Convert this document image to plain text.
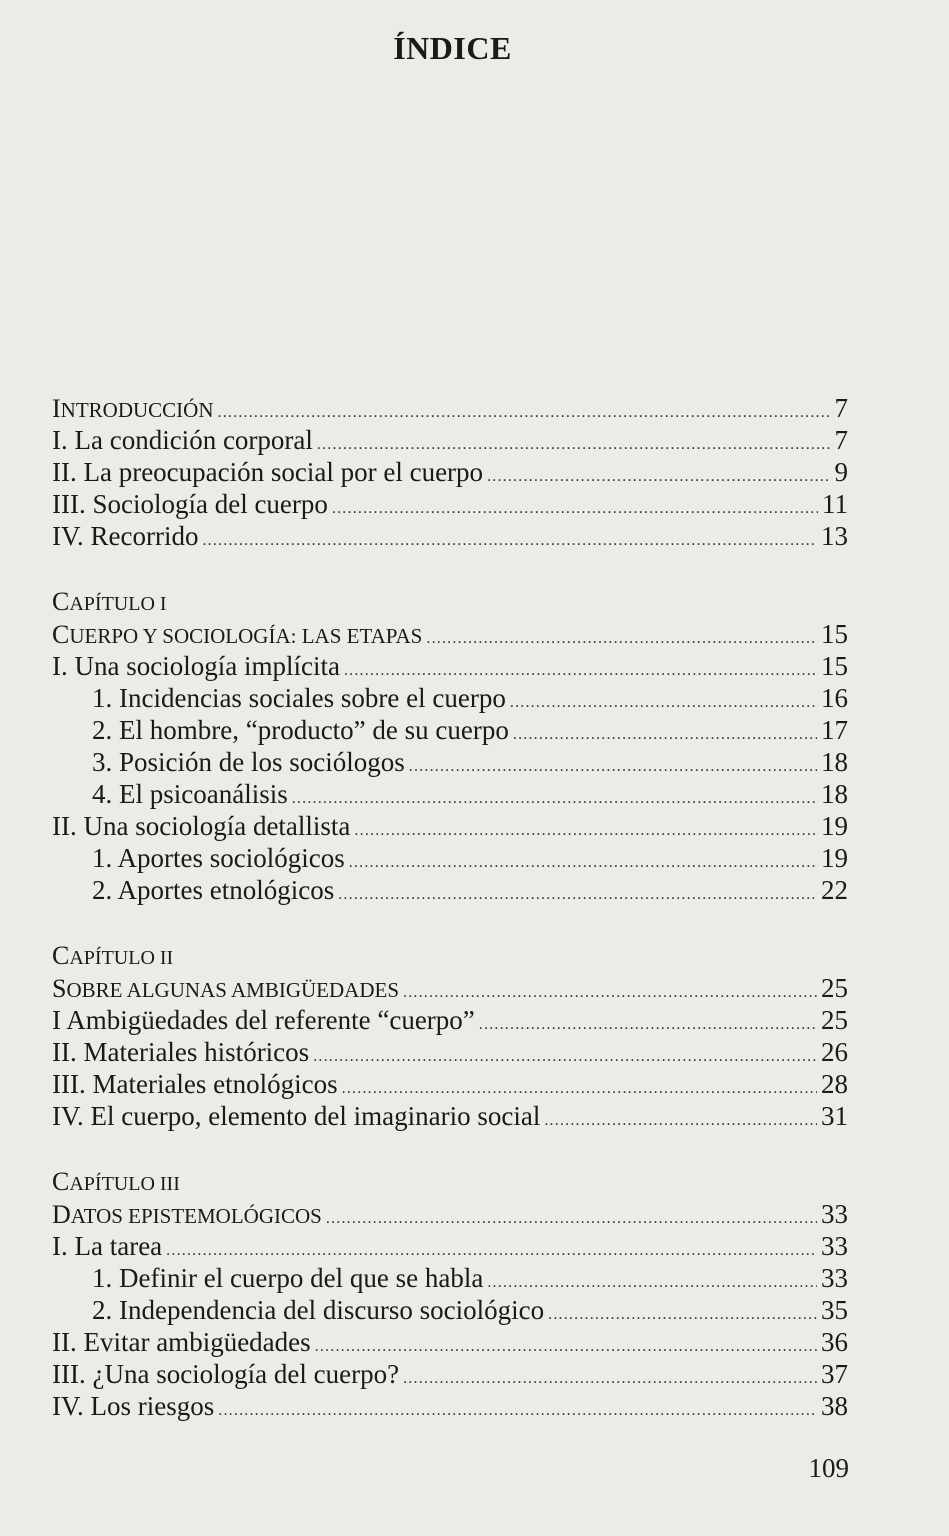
ÍNDICE
INTRODUCCIÓN .....	7
I. La condición corporal .....	7
II. La preocupación social por el cuerpo .....	9
III. Sociología del cuerpo .....	11
IV. Recorrido .....	13
CAPÍTULO I
CUERPO Y SOCIOLOGÍA: LAS ETAPAS .....	15
I. Una sociología implícita .....	15
1. Incidencias sociales sobre el cuerpo .....	16
2. El hombre, “producto” de su cuerpo .....	17
3. Posición de los sociólogos .....	18
4. El psicoanálisis .....	18
II. Una sociología detallista .....	19
1. Aportes sociológicos .....	19
2. Aportes etnológicos .....	22
CAPÍTULO II
SOBRE ALGUNAS AMBIGÜEDADES .....	25
I Ambigüedades del referente “cuerpo” .....	25
II. Materiales históricos .....	26
III. Materiales etnológicos .....	28
IV. El cuerpo, elemento del imaginario social .....	31
CAPÍTULO III
DATOS EPISTEMOLÓGICOS .....	33
I. La tarea .....	33
1. Definir el cuerpo del que se habla .....	33
2. Independencia del discurso sociológico .....	35
II. Evitar ambigüedades .....	36
III. ¿Una sociología del cuerpo? .....	37
IV. Los riesgos .....	38
109
